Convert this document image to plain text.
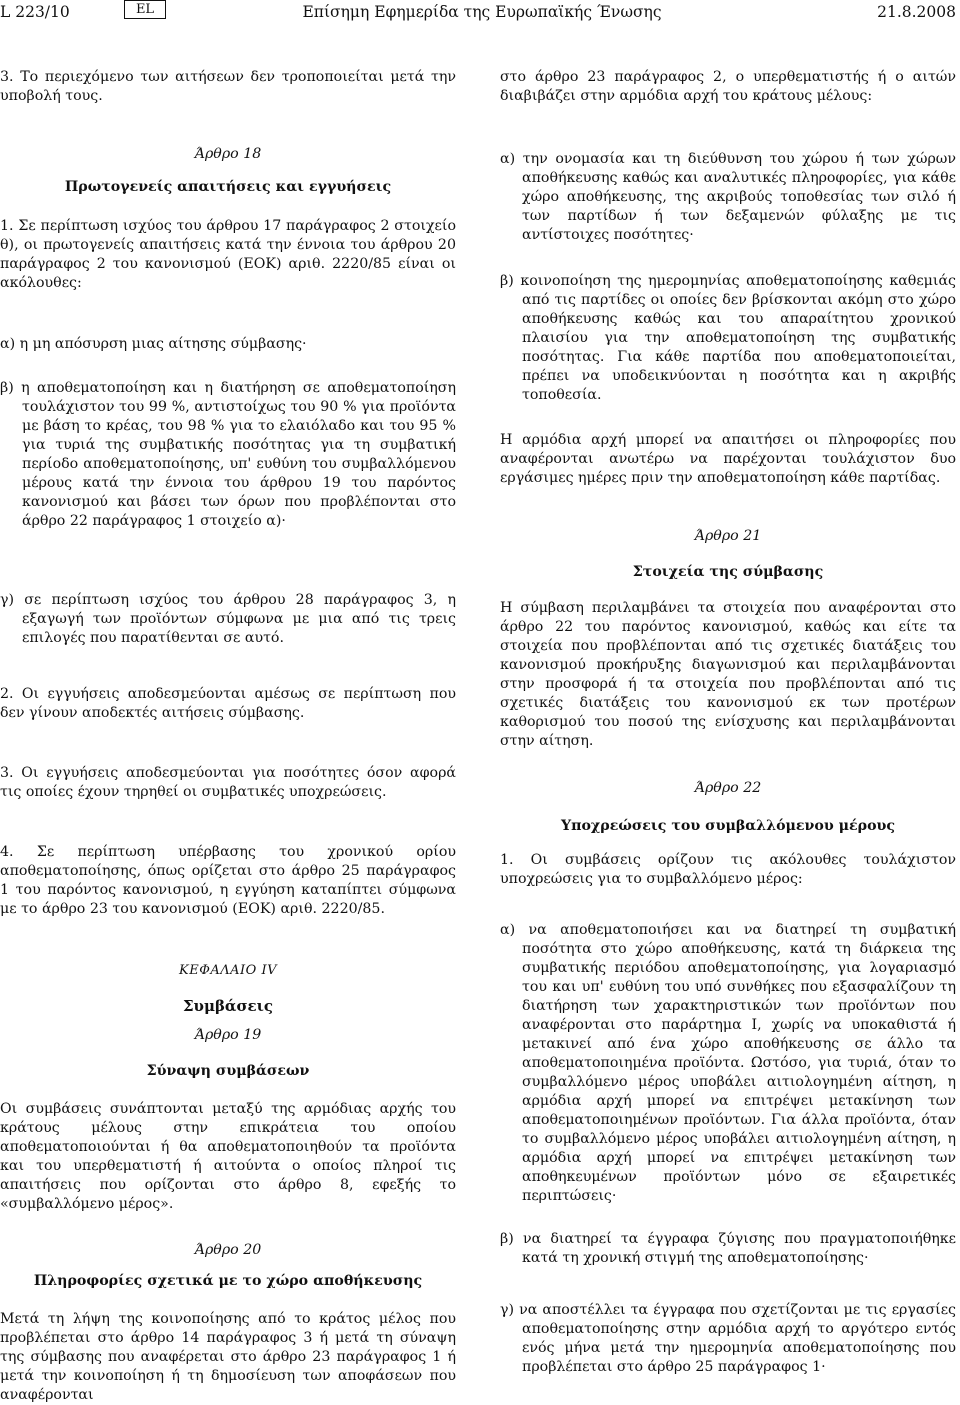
L 223/10	EL	Επίσημη Εφημερίδα της Ευρωπαϊκής Ένωσης	21.8.2008

3. Το περιεχόμενο των αιτήσεων δεν τροποποιείται μετά την υποβολή τους.

Άρθρο 18

Πρωτογενείς απαιτήσεις και εγγυήσεις

1. Σε περίπτωση ισχύος του άρθρου 17 παράγραφος 2 στοιχείο θ), οι πρωτογενείς απαιτήσεις κατά την έννοια του άρθρου 20 παράγραφος 2 του κανονισμού (ΕΟΚ) αριθ. 2220/85 είναι οι ακόλουθες:

α) η μη απόσυρση μιας αίτησης σύμβασης·

β) η αποθεματοποίηση και η διατήρηση σε αποθεματοποίηση τουλάχιστον του 99 %, αντιστοίχως του 90 % για προϊόντα με βάση το κρέας, του 98 % για το ελαιόλαδο και του 95 % για τυριά της συμβατικής ποσότητας για τη συμβατική περίοδο αποθεματοποίησης, υπ' ευθύνη του συμβαλλόμενου μέρους κατά την έννοια του άρθρου 19 του παρόντος κανονισμού και βάσει των όρων που προβλέπονται στο άρθρο 22 παράγραφος 1 στοιχείο α)·

γ) σε περίπτωση ισχύος του άρθρου 28 παράγραφος 3, η εξαγωγή των προϊόντων σύμφωνα με μια από τις τρεις επιλογές που παρατίθενται σε αυτό.

2. Οι εγγυήσεις αποδεσμεύονται αμέσως σε περίπτωση που δεν γίνουν αποδεκτές αιτήσεις σύμβασης.

3. Οι εγγυήσεις αποδεσμεύονται για ποσότητες όσον αφορά τις οποίες έχουν τηρηθεί οι συμβατικές υποχρεώσεις.

4. Σε περίπτωση υπέρβασης του χρονικού ορίου αποθεματοποίησης, όπως ορίζεται στο άρθρο 25 παράγραφος 1 του παρόντος κανονισμού, η εγγύηση καταπίπτει σύμφωνα με το άρθρο 23 του κανονισμού (ΕΟΚ) αριθ. 2220/85.

ΚΕΦΑΛΑΙΟ IV

Συμβάσεις

Άρθρο 19

Σύναψη συμβάσεων

Οι συμβάσεις συνάπτονται μεταξύ της αρμόδιας αρχής του κράτους μέλους στην επικράτεια του οποίου αποθεματοποιούνται ή θα αποθεματοποιηθούν τα προϊόντα και του υπερθεματιστή ή αιτούντα ο οποίος πληροί τις απαιτήσεις που ορίζονται στο άρθρο 8, εφεξής το «συμβαλλόμενο μέρος».

Άρθρο 20

Πληροφορίες σχετικά με το χώρο αποθήκευσης

Μετά τη λήψη της κοινοποίησης από το κράτος μέλος που προβλέπεται στο άρθρο 14 παράγραφος 3 ή μετά τη σύναψη της σύμβασης που αναφέρεται στο άρθρο 23 παράγραφος 1 ή μετά την κοινοποίηση ή τη δημοσίευση των αποφάσεων που αναφέρονται

στο άρθρο 23 παράγραφος 2, ο υπερθεματιστής ή ο αιτών διαβιβάζει στην αρμόδια αρχή του κράτους μέλους:

α) την ονομασία και τη διεύθυνση του χώρου ή των χώρων αποθήκευσης καθώς και αναλυτικές πληροφορίες, για κάθε χώρο αποθήκευσης, της ακριβούς τοποθεσίας των σιλό ή των παρτίδων ή των δεξαμενών φύλαξης με τις αντίστοιχες ποσότητες·

β) κοινοποίηση της ημερομηνίας αποθεματοποίησης καθεμιάς από τις παρτίδες οι οποίες δεν βρίσκονται ακόμη στο χώρο αποθήκευσης καθώς και του απαραίτητου χρονικού πλαισίου για την αποθεματοποίηση της συμβατικής ποσότητας. Για κάθε παρτίδα που αποθεματοποιείται, πρέπει να υποδεικνύονται η ποσότητα και η ακριβής τοποθεσία.

Η αρμόδια αρχή μπορεί να απαιτήσει οι πληροφορίες που αναφέρονται ανωτέρω να παρέχονται τουλάχιστον δυο εργάσιμες ημέρες πριν την αποθεματοποίηση κάθε παρτίδας.

Άρθρο 21

Στοιχεία της σύμβασης

Η σύμβαση περιλαμβάνει τα στοιχεία που αναφέρονται στο άρθρο 22 του παρόντος κανονισμού, καθώς και είτε τα στοιχεία που προβλέπονται από τις σχετικές διατάξεις του κανονισμού προκήρυξης διαγωνισμού και περιλαμβάνονται στην προσφορά ή τα στοιχεία που προβλέπονται από τις σχετικές διατάξεις του κανονισμού εκ των προτέρων καθορισμού του ποσού της ενίσχυσης και περιλαμβάνονται στην αίτηση.

Άρθρο 22

Υποχρεώσεις του συμβαλλόμενου μέρους

1. Οι συμβάσεις ορίζουν τις ακόλουθες τουλάχιστον υποχρεώσεις για το συμβαλλόμενο μέρος:

α) να αποθεματοποιήσει και να διατηρεί τη συμβατική ποσότητα στο χώρο αποθήκευσης, κατά τη διάρκεια της συμβατικής περιόδου αποθεματοποίησης, για λογαριασμό του και υπ' ευθύνη του υπό συνθήκες που εξασφαλίζουν τη διατήρηση των χαρακτηριστικών των προϊόντων που αναφέρονται στο παράρτημα Ι, χωρίς να υποκαθιστά ή μετακινεί από ένα χώρο αποθήκευσης σε άλλο τα αποθεματοποιημένα προϊόντα. Ωστόσο, για τυριά, όταν το συμβαλλόμενο μέρος υποβάλει αιτιολογημένη αίτηση, η αρμόδια αρχή μπορεί να επιτρέψει μετακίνηση των αποθεματοποιημένων προϊόντων. Για άλλα προϊόντα, όταν το συμβαλλόμενο μέρος υποβάλει αιτιολογημένη αίτηση, η αρμόδια αρχή μπορεί να επιτρέψει μετακίνηση των αποθηκευμένων προϊόντων μόνο σε εξαιρετικές περιπτώσεις·

β) να διατηρεί τα έγγραφα ζύγισης που πραγματοποιήθηκε κατά τη χρονική στιγμή της αποθεματοποίησης·

γ) να αποστέλλει τα έγγραφα που σχετίζονται με τις εργασίες αποθεματοποίησης στην αρμόδια αρχή το αργότερο εντός ενός μήνα μετά την ημερομηνία αποθεματοποίησης που προβλέπεται στο άρθρο 25 παράγραφος 1·
